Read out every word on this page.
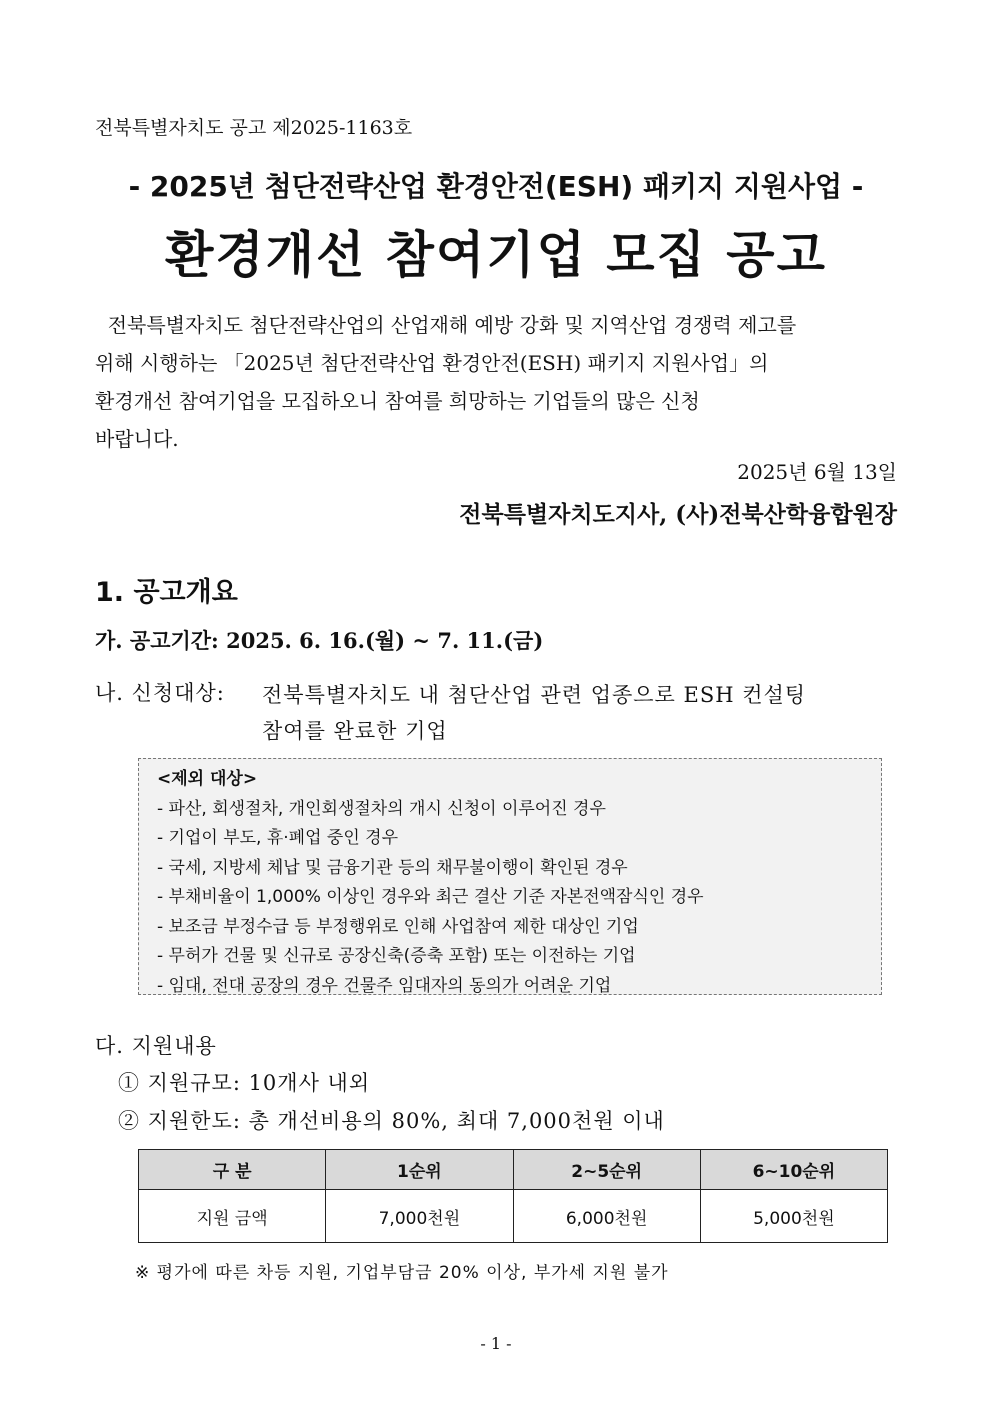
전북특별자치도 공고 제2025-1163호
- 2025년 첨단전략산업 환경안전(ESH) 패키지 지원사업 -
환경개선 참여기업 모집 공고

전북특별자치도 첨단전략산업의 산업재해 예방 강화 및 지역산업 경쟁력 제고를

위해 시행하는 「2025년 첨단전략산업 환경안전(ESH) 패키지 지원사업」의

환경개선 참여기업을 모집하오니 참여를 희망하는 기업들의 많은 신청

바랍니다.

2025년 6월 13일
전북특별자치도지사, (사)전북산학융합원장
1. 공고개요
가. 공고기간: 2025. 6. 16.(월) ~ 7. 11.(금)
나. 신청대상: 전북특별자치도 내 첨단산업 관련 업종으로 ESH 컨설팅
참여를 완료한 기업
<제외 대상>
- 파산, 회생절차, 개인회생절차의 개시 신청이 이루어진 경우
- 기업이 부도, 휴·폐업 중인 경우
- 국세, 지방세 체납 및 금융기관 등의 채무불이행이 확인된 경우
- 부채비율이 1,000% 이상인 경우와 최근 결산 기준 자본전액잠식인 경우
- 보조금 부정수급 등 부정행위로 인해 사업참여 제한 대상인 기업
- 무허가 건물 및 신규로 공장신축(증축 포함) 또는 이전하는 기업
- 임대, 전대 공장의 경우 건물주 임대자의 동의가 어려운 기업
다. 지원내용
① 지원규모: 10개사 내외
② 지원한도: 총 개선비용의 80%, 최대 7,000천원 이내
구 분	1순위	2~5순위	6~10순위
지원 금액	7,000천원	6,000천원	5,000천원
※ 평가에 따른 차등 지원, 기업부담금 20% 이상, 부가세 지원 불가
- 1 -
